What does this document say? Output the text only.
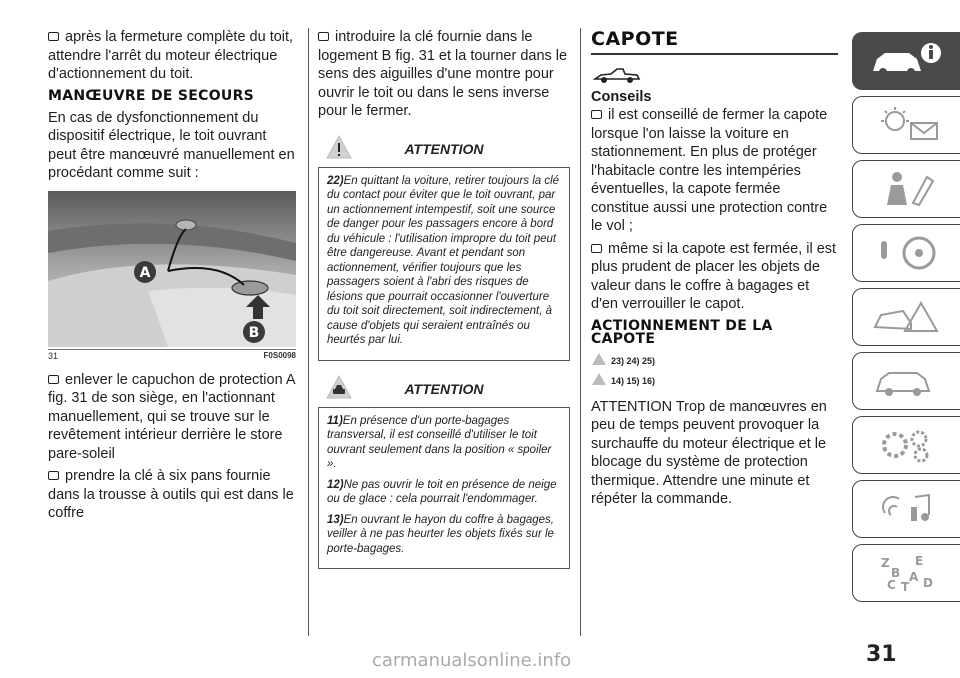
après la fermeture complète du toit, attendre l'arrêt du moteur électrique d'actionnement du toit.

MANŒUVRE DE SECOURS

En cas de dysfonctionnement du dispositif électrique, le toit ouvrant peut être manœuvré manuellement en procédant comme suit :

A
B
31	F0S0098

enlever le capuchon de protection A fig. 31 de son siège, en l'actionnant manuellement, qui se trouve sur le revêtement intérieur derrière le store pare-soleil

prendre la clé à six pans fournie dans la trousse à outils qui est dans le coffre

introduire la clé fournie dans le logement B fig. 31 et la tourner dans le sens des aiguilles d'une montre pour ouvrir le toit ou dans le sens inverse pour le fermer.

ATTENTION

22)En quittant la voiture, retirer toujours la clé du contact pour éviter que le toit ouvrant, par un actionnement intempestif, soit une source de danger pour les passagers encore à bord du véhicule : l'utilisation impropre du toit peut être dangereuse. Avant et pendant son actionnement, vérifier toujours que les passagers soient à l'abri des risques de lésions que pourrait occasionner l'ouverture du toit soit directement, soit indirectement, à cause d'objets qui seraient entraînés ou heurtés par lui.

ATTENTION

11)En présence d'un porte-bagages transversal, il est conseillé d'utiliser le toit ouvrant seulement dans la position « spoiler ».

12)Ne pas ouvrir le toit en présence de neige ou de glace : cela pourrait l'endommager.

13)En ouvrant le hayon du coffre à bagages, veiller à ne pas heurter les objets fixés sur le porte-bagages.

CAPOTE
Conseils

il est conseillé de fermer la capote lorsque l'on laisse la voiture en stationnement. En plus de protéger l'habitacle contre les intempéries éventuelles, la capote fermée constitue aussi une protection contre le vol ;

même si la capote est fermée, il est plus prudent de placer les objets de valeur dans le coffre à bagages et d'en verrouiller le capot.

ACTIONNEMENT DE LA CAPOTE
23) 24) 25)
14) 15) 16)

ATTENTION Trop de manœuvres en peu de temps peuvent provoquer la surchauffe du moteur électrique et le blocage du système de protection thermique. Attendre une minute et répéter la commande.

Z E
B A
C D
T
31
carmanualsonline.info
